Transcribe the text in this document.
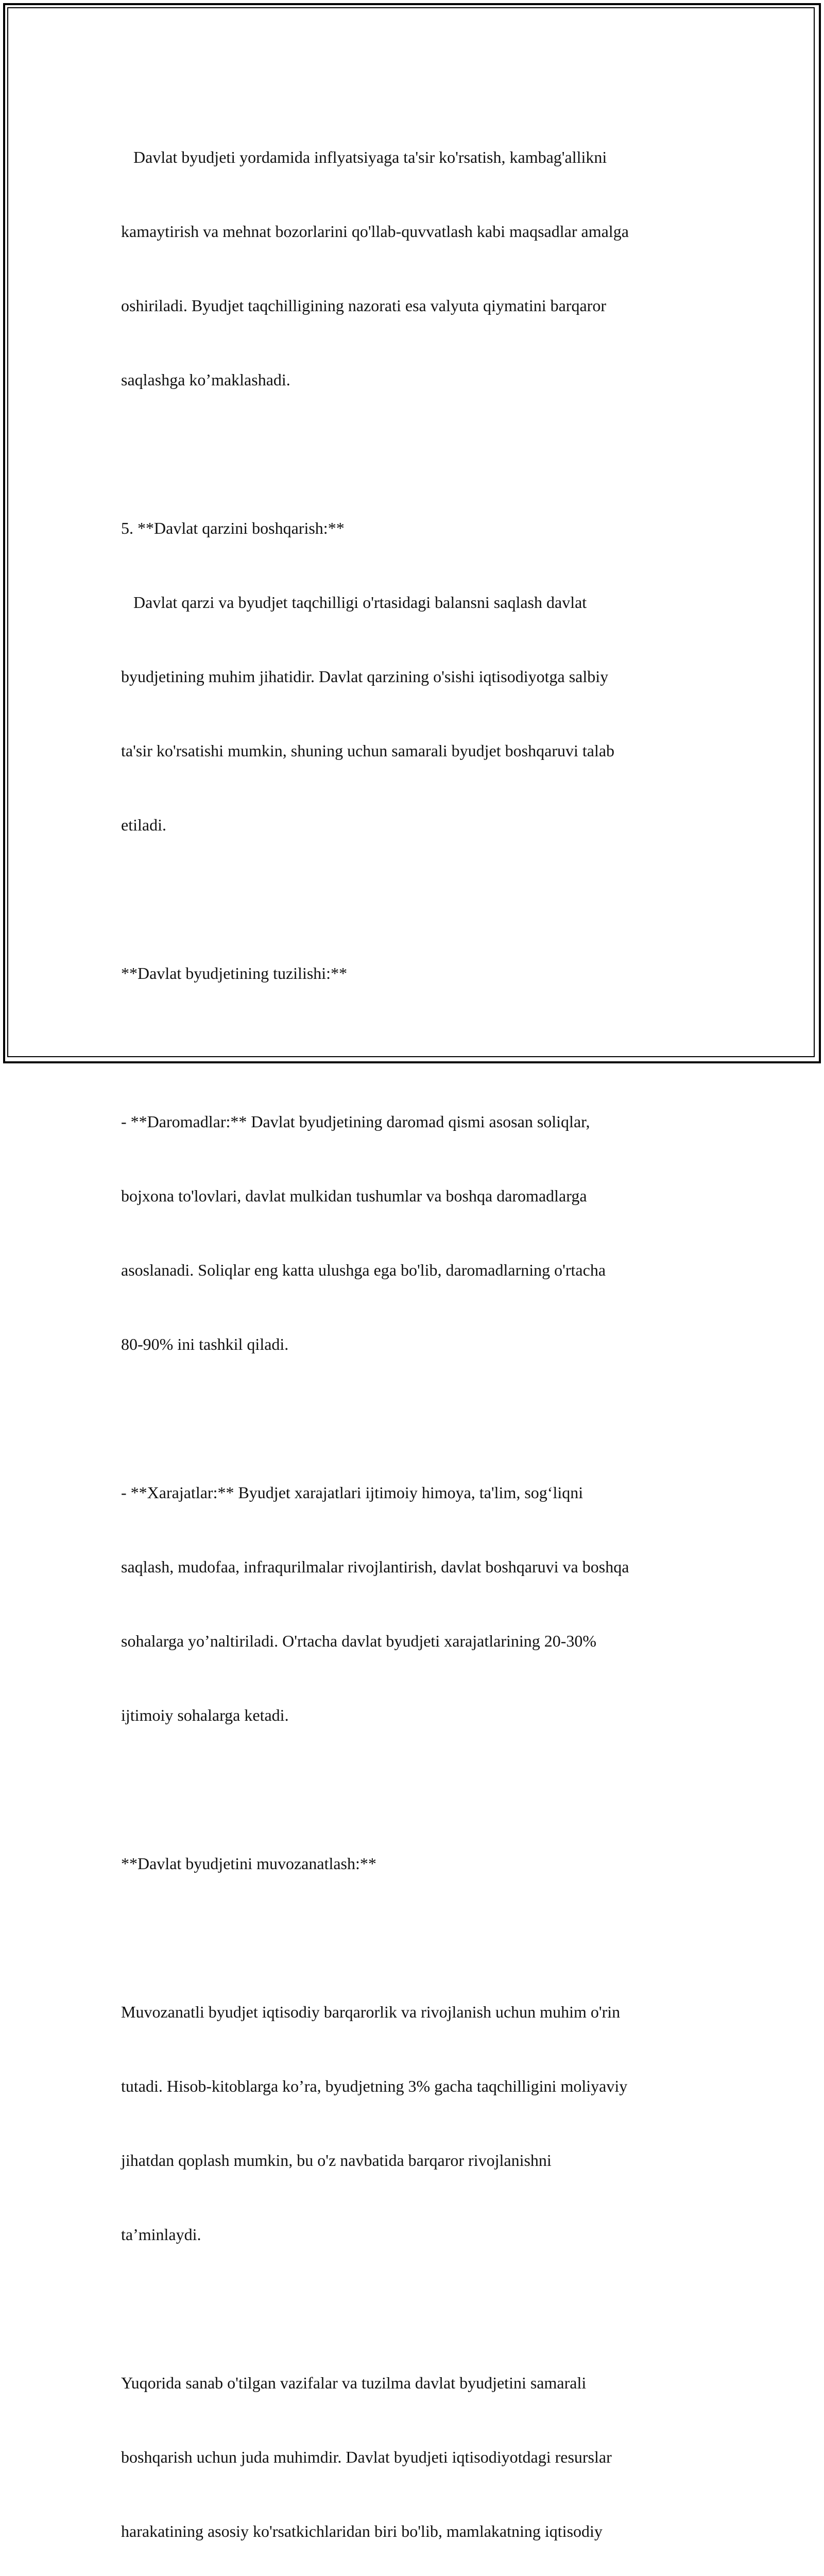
Davlat byudjeti yordamida inflyatsiyaga ta'sir ko'rsatish, kambag'allikni

kamaytirish va mehnat bozorlarini qo'llab-quvvatlash kabi maqsadlar amalga

oshiriladi. Byudjet taqchilligining nazorati esa valyuta qiymatini barqaror

saqlashga ko’maklashadi.

5. **Davlat qarzini boshqarish:**

Davlat qarzi va byudjet taqchilligi o'rtasidagi balansni saqlash davlat

byudjetining muhim jihatidir. Davlat qarzining o'sishi iqtisodiyotga salbiy

ta'sir ko'rsatishi mumkin, shuning uchun samarali byudjet boshqaruvi talab

etiladi.

**Davlat byudjetining tuzilishi:**

- **Daromadlar:** Davlat byudjetining daromad qismi asosan soliqlar,

bojxona to'lovlari, davlat mulkidan tushumlar va boshqa daromadlarga

asoslanadi. Soliqlar eng katta ulushga ega bo'lib, daromadlarning o'rtacha

80-90% ini tashkil qiladi.

- **Xarajatlar:** Byudjet xarajatlari ijtimoiy himoya, ta'lim, sog‘liqni

saqlash, mudofaa, infraqurilmalar rivojlantirish, davlat boshqaruvi va boshqa

sohalarga yo’naltiriladi. O'rtacha davlat byudjeti xarajatlarining 20-30%

ijtimoiy sohalarga ketadi.

**Davlat byudjetini muvozanatlash:**

Muvozanatli byudjet iqtisodiy barqarorlik va rivojlanish uchun muhim o'rin

tutadi. Hisob-kitoblarga ko’ra, byudjetning 3% gacha taqchilligini moliyaviy

jihatdan qoplash mumkin, bu o'z navbatida barqaror rivojlanishni

ta’minlaydi.

Yuqorida sanab o'tilgan vazifalar va tuzilma davlat byudjetini samarali

boshqarish uchun juda muhimdir. Davlat byudjeti iqtisodiyotdagi resurslar

harakatining asosiy ko'rsatkichlaridan biri bo'lib, mamlakatning iqtisodiy
